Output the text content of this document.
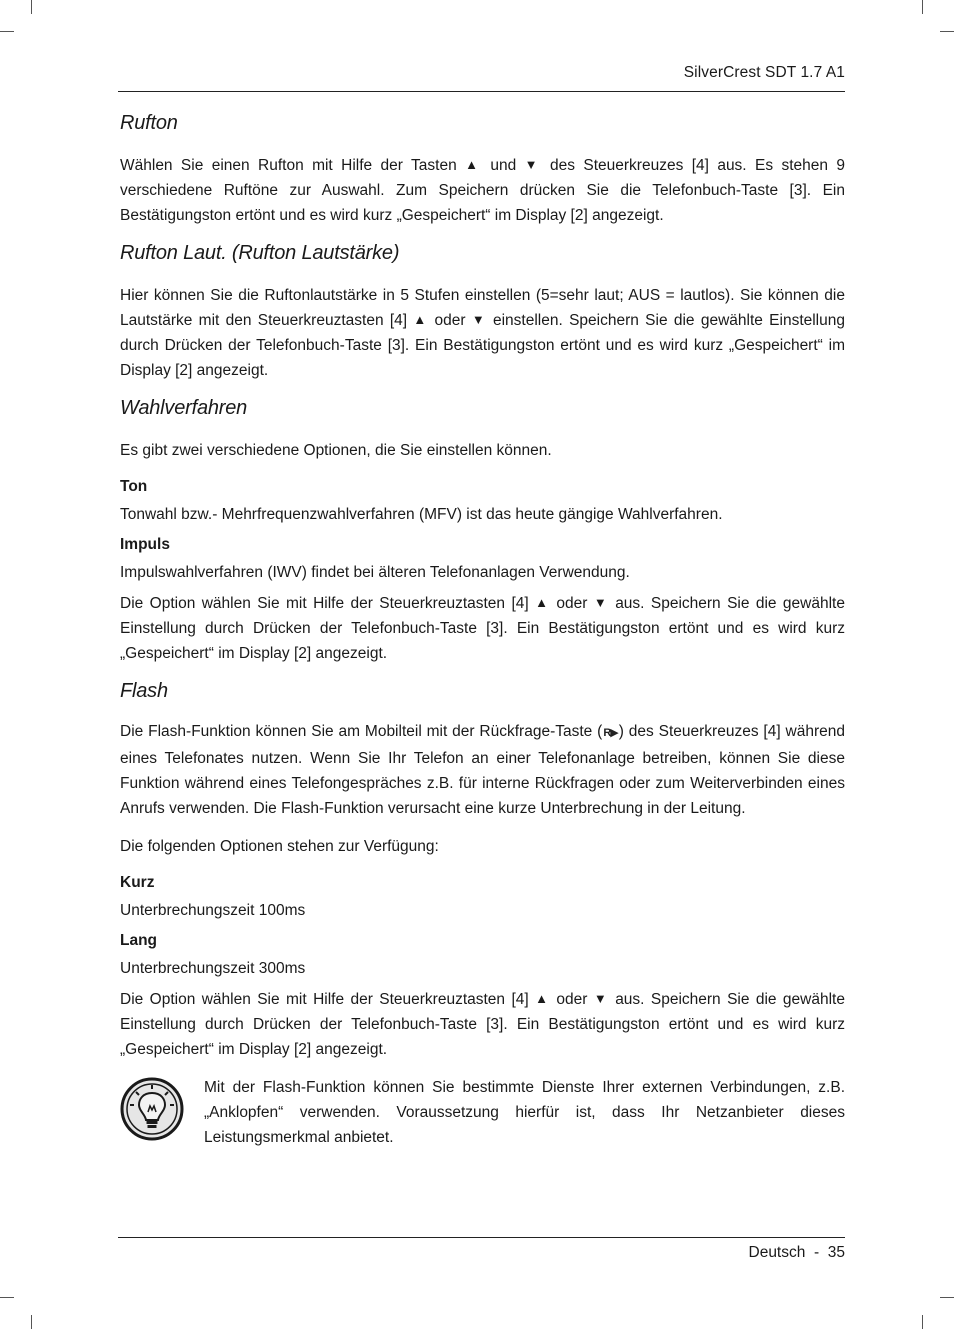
SilverCrest SDT 1.7 A1
Rufton

Wählen Sie einen Rufton mit Hilfe der Tasten ▲ und ▼ des Steuerkreuzes [4] aus. Es stehen 9 verschiedene Ruftöne zur Auswahl. Zum Speichern drücken Sie die Telefonbuch-Taste [3]. Ein Bestätigungston ertönt und es wird kurz „Gespeichert“ im Display [2] angezeigt.

Rufton Laut. (Rufton Lautstärke)

Hier können Sie die Ruftonlautstärke in 5 Stufen einstellen (5=sehr laut; AUS = lautlos). Sie können die Lautstärke mit den Steuerkreuztasten [4] ▲ oder ▼ einstellen. Speichern Sie die gewählte Einstellung durch Drücken der Telefonbuch-Taste [3]. Ein Bestätigungston ertönt und es wird kurz „Gespeichert“ im Display [2] angezeigt.

Wahlverfahren

Es gibt zwei verschiedene Optionen, die Sie einstellen können.

Ton

Tonwahl bzw.- Mehrfrequenzwahlverfahren (MFV) ist das heute gängige Wahlverfahren.

Impuls

Impulswahlverfahren (IWV) findet bei älteren Telefonanlagen Verwendung.

Die Option wählen Sie mit Hilfe der Steuerkreuztasten [4] ▲ oder ▼ aus. Speichern Sie die gewählte Einstellung durch Drücken der Telefonbuch-Taste [3]. Ein Bestätigungston ertönt und es wird kurz „Gespeichert“ im Display [2] angezeigt.

Flash

Die Flash-Funktion können Sie am Mobilteil mit der Rückfrage-Taste (R▶) des Steuerkreuzes [4] während eines Telefonates nutzen. Wenn Sie Ihr Telefon an einer Telefonanlage betreiben, können Sie diese Funktion während eines Telefongespräches z.B. für interne Rückfragen oder zum Weiterverbinden eines Anrufs verwenden. Die Flash-Funktion verursacht eine kurze Unterbrechung in der Leitung.

Die folgenden Optionen stehen zur Verfügung:

Kurz

Unterbrechungszeit 100ms

Lang

Unterbrechungszeit 300ms

Die Option wählen Sie mit Hilfe der Steuerkreuztasten [4] ▲ oder ▼ aus. Speichern Sie die gewählte Einstellung durch Drücken der Telefonbuch-Taste [3]. Ein Bestätigungston ertönt und es wird kurz „Gespeichert“ im Display [2] angezeigt.

Mit der Flash-Funktion können Sie bestimmte Dienste Ihrer externen Verbindungen, z.B. „Anklopfen“ verwenden. Voraussetzung hierfür ist, dass Ihr Netzanbieter dieses Leistungsmerkmal anbietet.

Deutsch  -  35
